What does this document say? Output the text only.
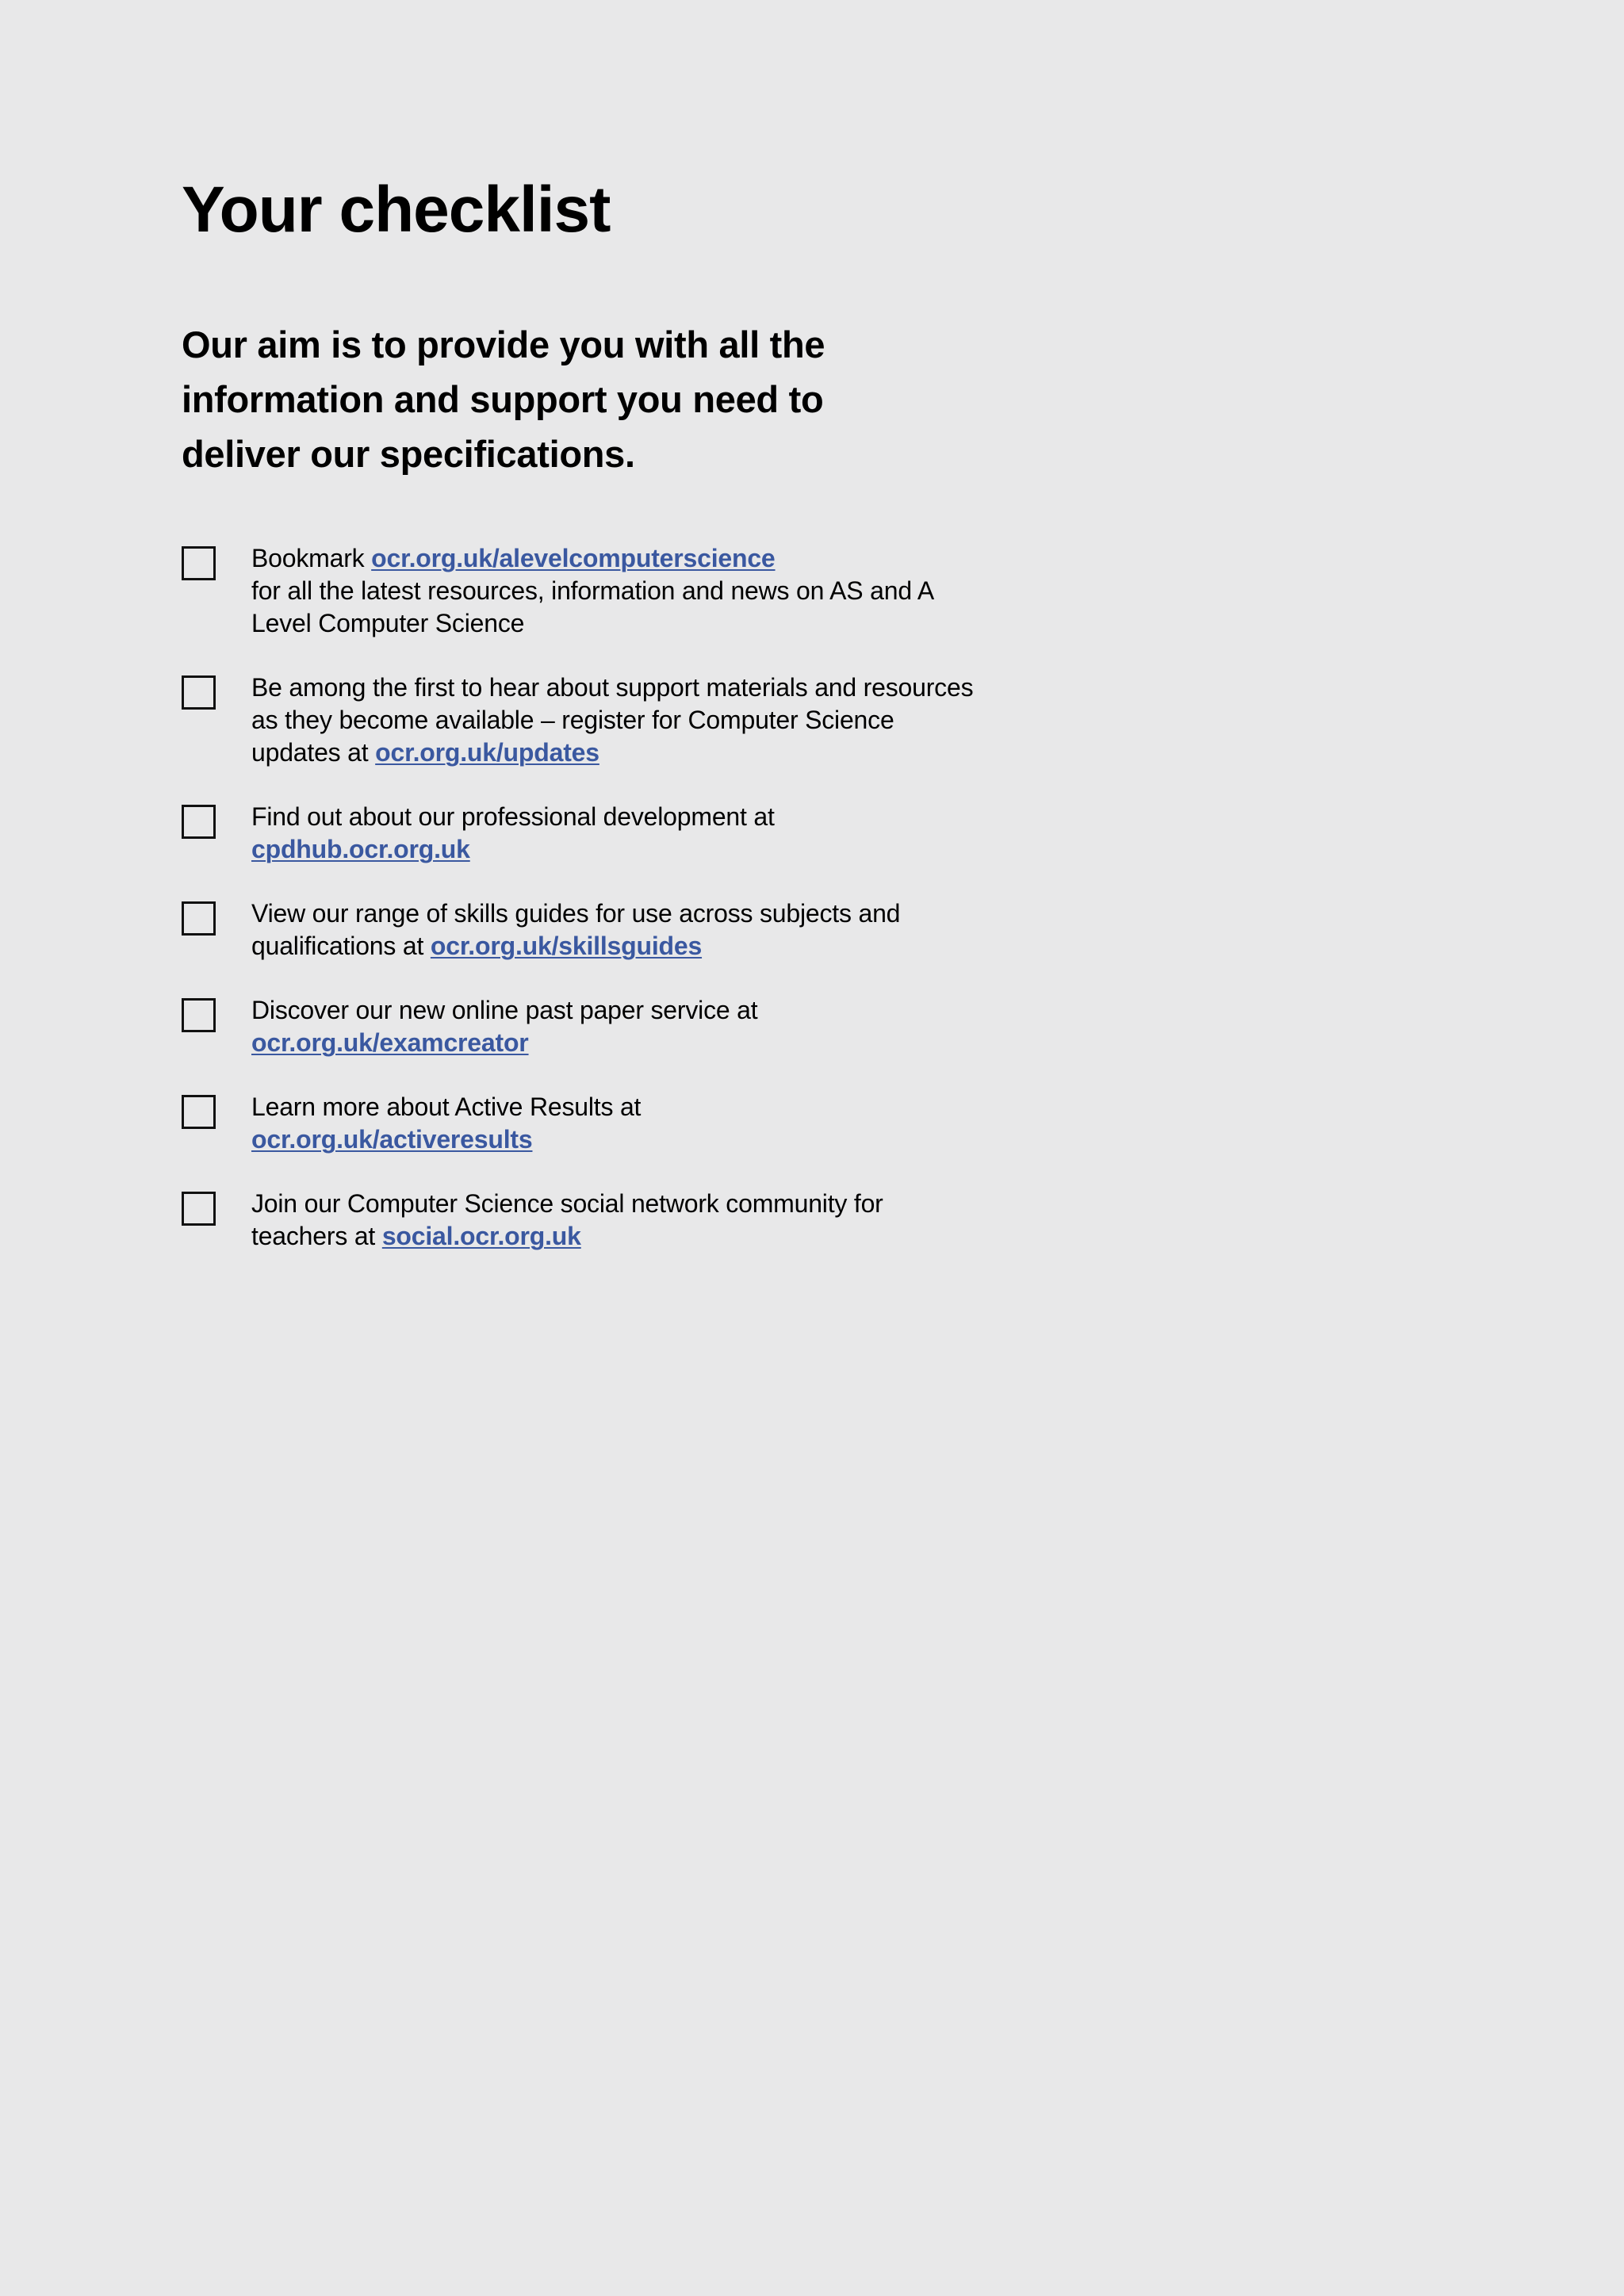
Your checklist

Our aim is to provide you with all the information and support you need to deliver our specifications.

Bookmark ocr.org.uk/alevelcomputerscience
for all the latest resources, information and news on AS and A Level Computer Science
Be among the first to hear about support materials and resources as they become available – register for Computer Science updates at ocr.org.uk/updates
Find out about our professional development at
cpdhub.ocr.org.uk
View our range of skills guides for use across subjects and qualifications at ocr.org.uk/skillsguides
Discover our new online past paper service at
ocr.org.uk/examcreator
Learn more about Active Results at
ocr.org.uk/activeresults
Join our Computer Science social network community for teachers at social.ocr.org.uk
